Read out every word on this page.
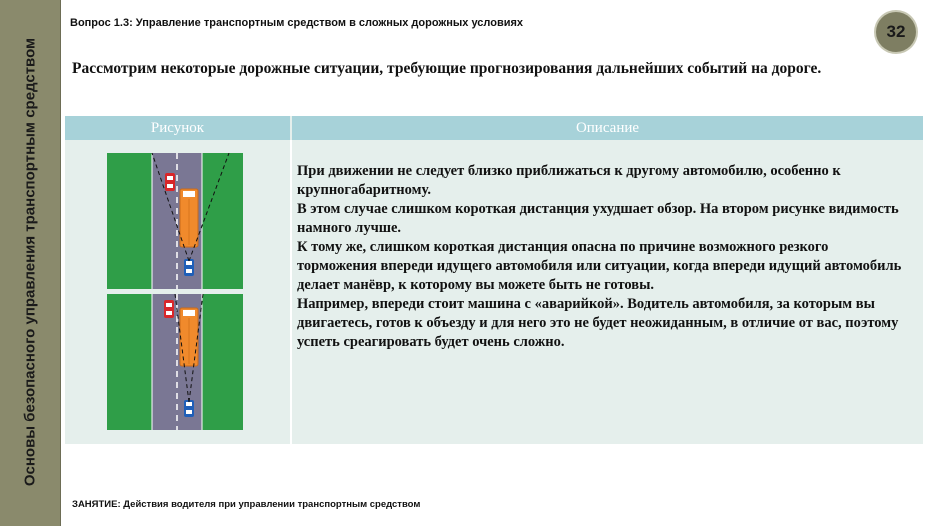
Основы безопасного управления транспортным средством
Вопрос 1.3: Управление транспортным средством в сложных дорожных условиях	32
Рассмотрим некоторые дорожные ситуации, требующие прогнозирования дальнейших событий на дороге.
Рисунок	Описание

При движении не следует близко приближаться к другому автомобилю, особенно к крупногабаритному.

В этом случае слишком короткая дистанция ухудшает обзор. На втором рисунке видимость намного лучше.

К тому же, слишком короткая дистанция опасна по причине возможного резкого торможения впереди идущего автомобиля или ситуации, когда впереди идущий автомобиль делает манёвр, к которому вы можете быть не готовы.

Например, впереди стоит машина с «аварийкой». Водитель автомобиля, за которым вы двигаетесь, готов к объезду и для него это не будет неожиданным, в отличие от вас, поэтому успеть среагировать будет очень сложно.

ЗАНЯТИЕ: Действия водителя при управлении транспортным средством
